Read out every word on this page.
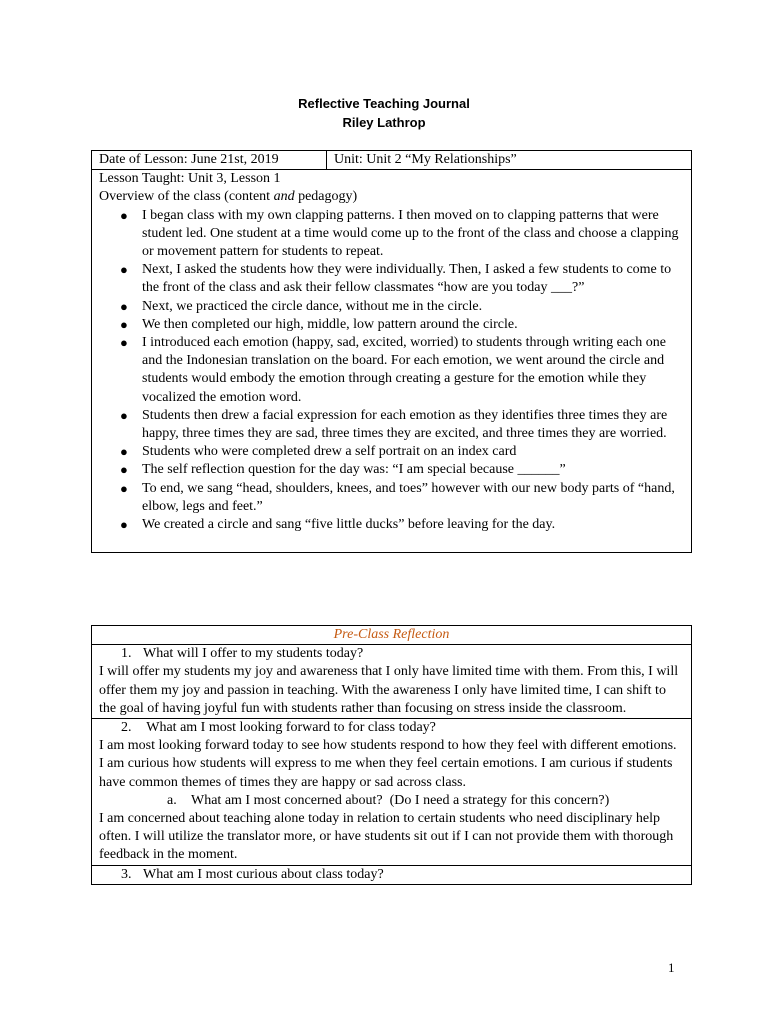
Reflective Teaching Journal
Riley Lathrop
Date of Lesson: June 21st, 2019	Unit: Unit 2 “My Relationships”

Lesson Taught: Unit 3, Lesson 1
Overview of the class (content and pedagogy)
● I began class with my own clapping patterns. I then moved on to clapping patterns that were student led. One student at a time would come up to the front of the class and choose a clapping or movement pattern for students to repeat.
● Next, I asked the students how they were individually. Then, I asked a few students to come to the front of the class and ask their fellow classmates “how are you today ___?”
● Next, we practiced the circle dance, without me in the circle.
● We then completed our high, middle, low pattern around the circle.
● I introduced each emotion (happy, sad, excited, worried) to students through writing each one and the Indonesian translation on the board. For each emotion, we went around the circle and students would embody the emotion through creating a gesture for the emotion while they vocalized the emotion word.
● Students then drew a facial expression for each emotion as they identifies three times they are happy, three times they are sad, three times they are excited, and three times they are worried.
● Students who were completed drew a self portrait on an index card
● The self reflection question for the day was: “I am special because ______”
● To end, we sang “head, shoulders, knees, and toes” however with our new body parts of “hand, elbow, legs and feet.”
● We created a circle and sang “five little ducks” before leaving for the day.
Pre-Class Reflection

1. What will I offer to my students today?
I will offer my students my joy and awareness that I only have limited time with them. From this, I will offer them my joy and passion in teaching. With the awareness I only have limited time, I can shift to the goal of having joyful fun with students rather than focusing on stress inside the classroom.

2. What am I most looking forward to for class today?
I am most looking forward today to see how students respond to how they feel with different emotions. I am curious how students will express to me when they feel certain emotions. I am curious if students have common themes of times they are happy or sad across class.
a. What am I most concerned about?  (Do I need a strategy for this concern?)
I am concerned about teaching alone today in relation to certain students who need disciplinary help often. I will utilize the translator more, or have students sit out if I can not provide them with thorough feedback in the moment.

3. What am I most curious about class today?
1
